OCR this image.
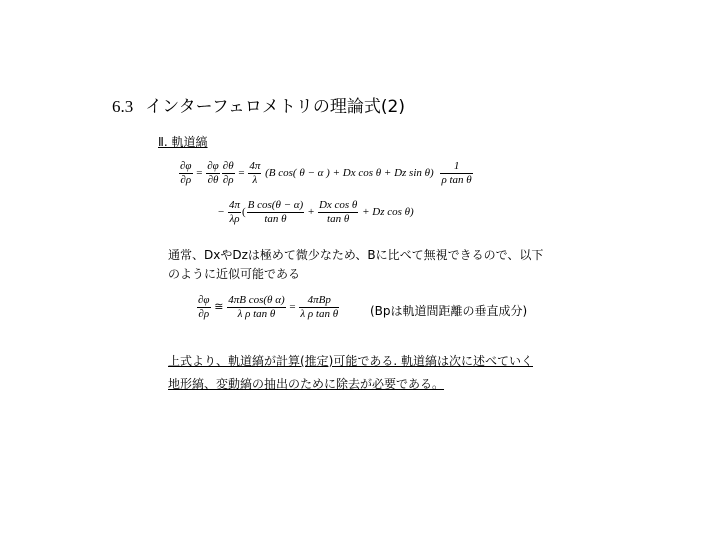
6.3 インターフェロメトリの理論式(2)
Ⅱ. 軌道縞
$\frac{\partial\varphi}{\partial\rho} = \frac{\partial\varphi}{\partial\theta} \frac{\partial\theta}{\partial\rho} = \frac{4\pi}{\lambda} (B$ cos( θ − α ) + Dx cos θ + Dz $\sin \theta) \frac{1}{\text{ρ tan θ}}$
− $\frac{4\pi}{\lambda\rho}$ ( $\frac{\text{B cos(θ − α)}}{\text{tan θ}} + \frac{\text{Dx cos θ}}{\text{tan θ}} + Dz$ cos θ)
通常、DxやDzは極めて微少なため、Bに比べて無視できるので、以下
のように近似可能である
$\frac{\partial\varphi}{\partial\rho}$ ≅ $\frac{\text{4πB cos(θ α)}}{\text{λ ρ tan θ}} = \frac{\text{4πBp}}{\text{λ ρ tan θ}}$	(Bpは軌道間距離の垂直成分)
上式より、軌道縞が計算(推定)可能である. 軌道縞は次に述べていく
地形縞、変動縞の抽出のために除去が必要である。
